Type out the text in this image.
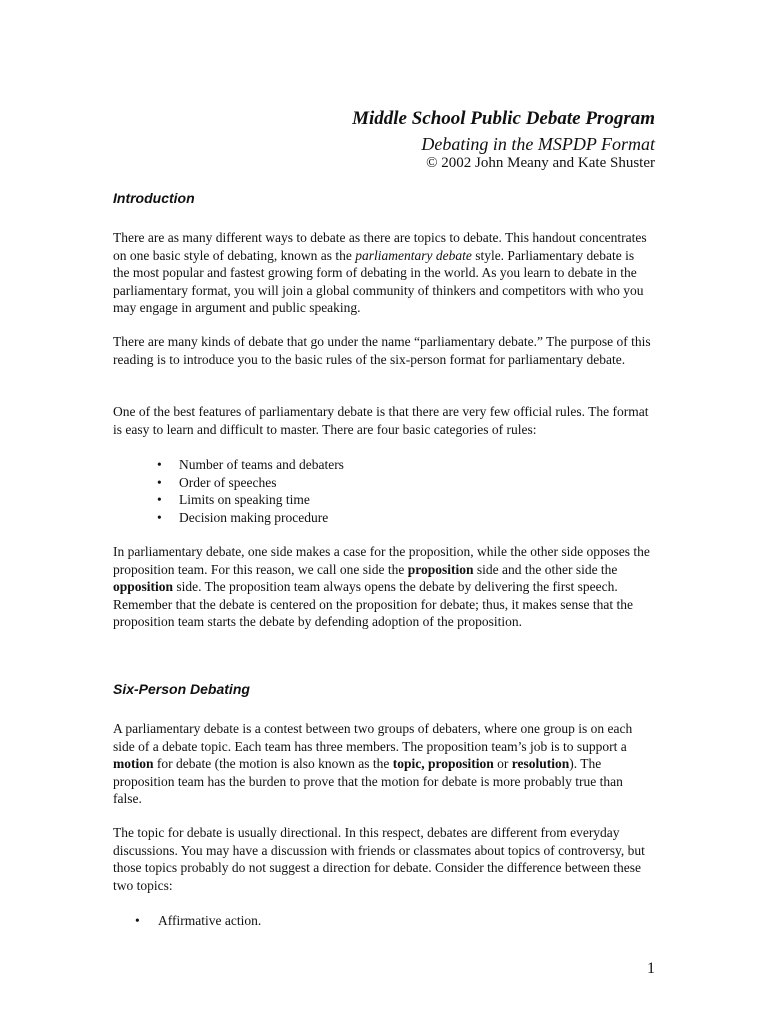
Middle School Public Debate Program
Debating in the MSPDP Format
© 2002 John Meany and Kate Shuster
Introduction

There are as many different ways to debate as there are topics to debate. This handout concentrates on one basic style of debating, known as the parliamentary debate style. Parliamentary debate is the most popular and fastest growing form of debating in the world. As you learn to debate in the parliamentary format, you will join a global community of thinkers and competitors with who you may engage in argument and public speaking.

There are many kinds of debate that go under the name “parliamentary debate.” The purpose of this reading is to introduce you to the basic rules of the six-person format for parliamentary debate.

One of the best features of parliamentary debate is that there are very few official rules. The format is easy to learn and difficult to master. There are four basic categories of rules:

• Number of teams and debaters
• Order of speeches
• Limits on speaking time
• Decision making procedure

In parliamentary debate, one side makes a case for the proposition, while the other side opposes the proposition team. For this reason, we call one side the proposition side and the other side the opposition side. The proposition team always opens the debate by delivering the first speech. Remember that the debate is centered on the proposition for debate; thus, it makes sense that the proposition team starts the debate by defending adoption of the proposition.

Six-Person Debating

A parliamentary debate is a contest between two groups of debaters, where one group is on each side of a debate topic. Each team has three members. The proposition team’s job is to support a motion for debate (the motion is also known as the topic, proposition or resolution). The proposition team has the burden to prove that the motion for debate is more probably true than false.

The topic for debate is usually directional. In this respect, debates are different from everyday discussions. You may have a discussion with friends or classmates about topics of controversy, but those topics probably do not suggest a direction for debate. Consider the difference between these two topics:

• Affirmative action.
1
